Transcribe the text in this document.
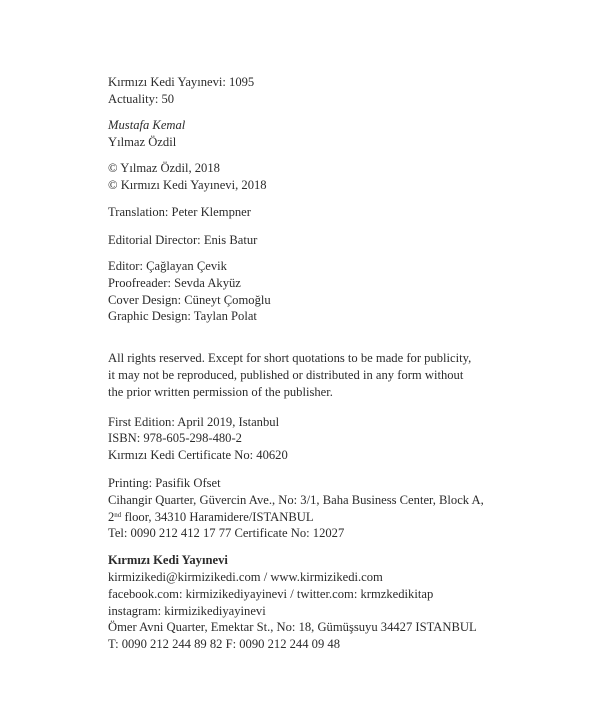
Kırmızı Kedi Yayınevi: 1095
Actuality: 50
Mustafa Kemal
Yılmaz Özdil
© Yılmaz Özdil, 2018
© Kırmızı Kedi Yayınevi, 2018
Translation: Peter Klempner
Editorial Director: Enis Batur
Editor: Çağlayan Çevik
Proofreader: Sevda Akyüz
Cover Design: Cüneyt Çomoğlu
Graphic Design: Taylan Polat
All rights reserved. Except for short quotations to be made for publicity,
it may not be reproduced, published or distributed in any form without
the prior written permission of the publisher.
First Edition: April 2019, Istanbul
ISBN: 978-605-298-480-2
Kırmızı Kedi Certificate No: 40620
Printing: Pasifik Ofset
Cihangir Quarter, Güvercin Ave., No: 3/1, Baha Business Center, Block A,
2nd floor, 34310 Haramidere/ISTANBUL
Tel: 0090 212 412 17 77 Certificate No: 12027
Kırmızı Kedi Yayınevi
kirmizikedi@kirmizikedi.com / www.kirmizikedi.com
facebook.com: kirmizikediyayinevi / twitter.com: krmzkedikitap
instagram: kirmizikediyayinevi
Ömer Avni Quarter, Emektar St., No: 18, Gümüşsuyu 34427 ISTANBUL
T: 0090 212 244 89 82 F: 0090 212 244 09 48
